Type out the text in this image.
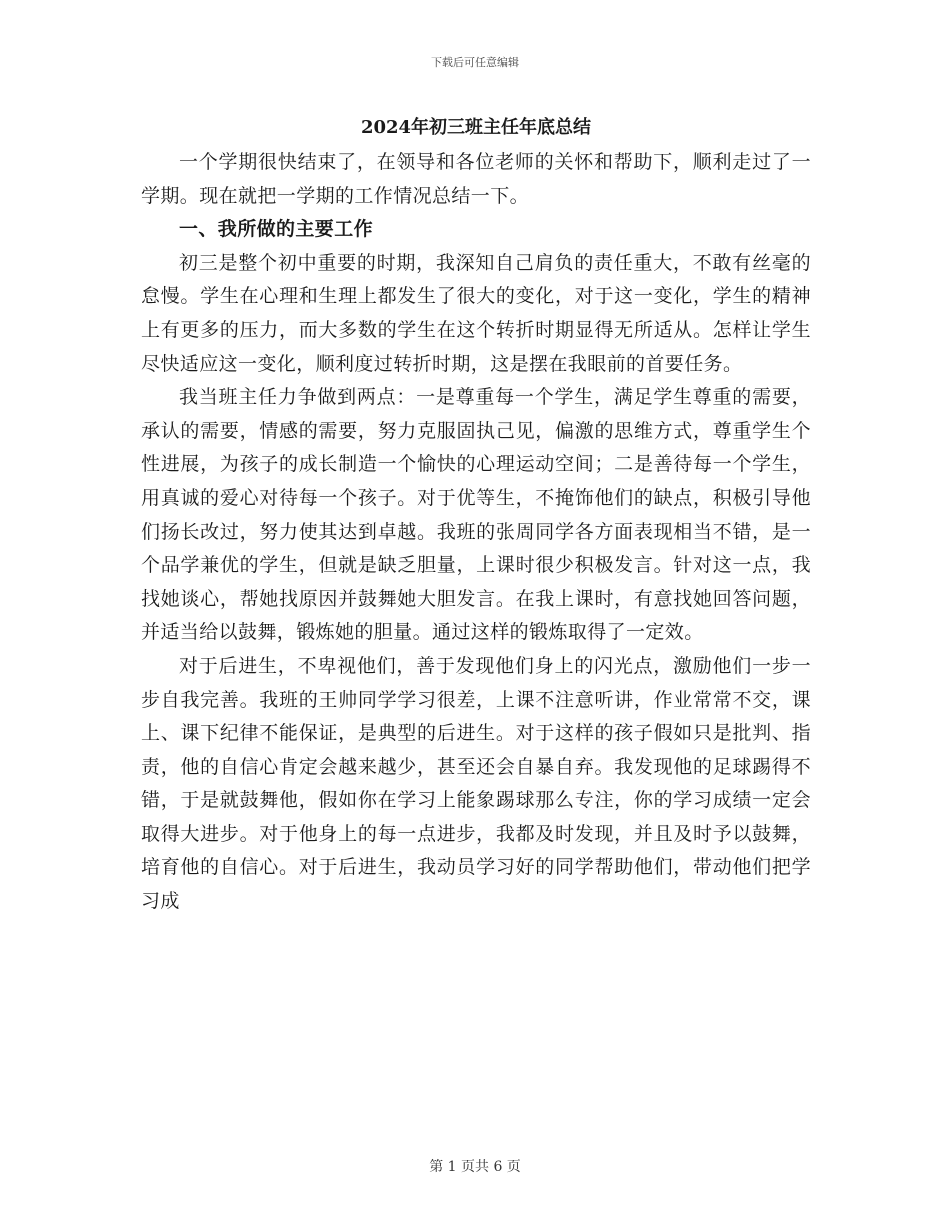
下载后可任意编辑
2024年初三班主任年底总结

一个学期很快结束了，在领导和各位老师的关怀和帮助下，顺利走过了一学期。现在就把一学期的工作情况总结一下。

一、我所做的主要工作

初三是整个初中重要的时期，我深知自己肩负的责任重大，不敢有丝毫的怠慢。学生在心理和生理上都发生了很大的变化，对于这一变化，学生的精神上有更多的压力，而大多数的学生在这个转折时期显得无所适从。怎样让学生尽快适应这一变化，顺利度过转折时期，这是摆在我眼前的首要任务。

我当班主任力争做到两点：一是尊重每一个学生，满足学生尊重的需要，承认的需要，情感的需要，努力克服固执己见，偏激的思维方式，尊重学生个性进展，为孩子的成长制造一个愉快的心理运动空间；二是善待每一个学生，用真诚的爱心对待每一个孩子。对于优等生，不掩饰他们的缺点，积极引导他们扬长改过，努力使其达到卓越。我班的张周同学各方面表现相当不错，是一个品学兼优的学生，但就是缺乏胆量，上课时很少积极发言。针对这一点，我找她谈心，帮她找原因并鼓舞她大胆发言。在我上课时，有意找她回答问题，并适当给以鼓舞，锻炼她的胆量。通过这样的锻炼取得了一定效。

对于后进生，不卑视他们，善于发现他们身上的闪光点，激励他们一步一步自我完善。我班的王帅同学学习很差，上课不注意听讲，作业常常不交，课上、课下纪律不能保证，是典型的后进生。对于这样的孩子假如只是批判、指责，他的自信心肯定会越来越少，甚至还会自暴自弃。我发现他的足球踢得不错，于是就鼓舞他，假如你在学习上能象踢球那么专注，你的学习成绩一定会取得大进步。对于他身上的每一点进步，我都及时发现，并且及时予以鼓舞，培育他的自信心。对于后进生，我动员学习好的同学帮助他们，带动他们把学习成

第 1 页共 6 页
